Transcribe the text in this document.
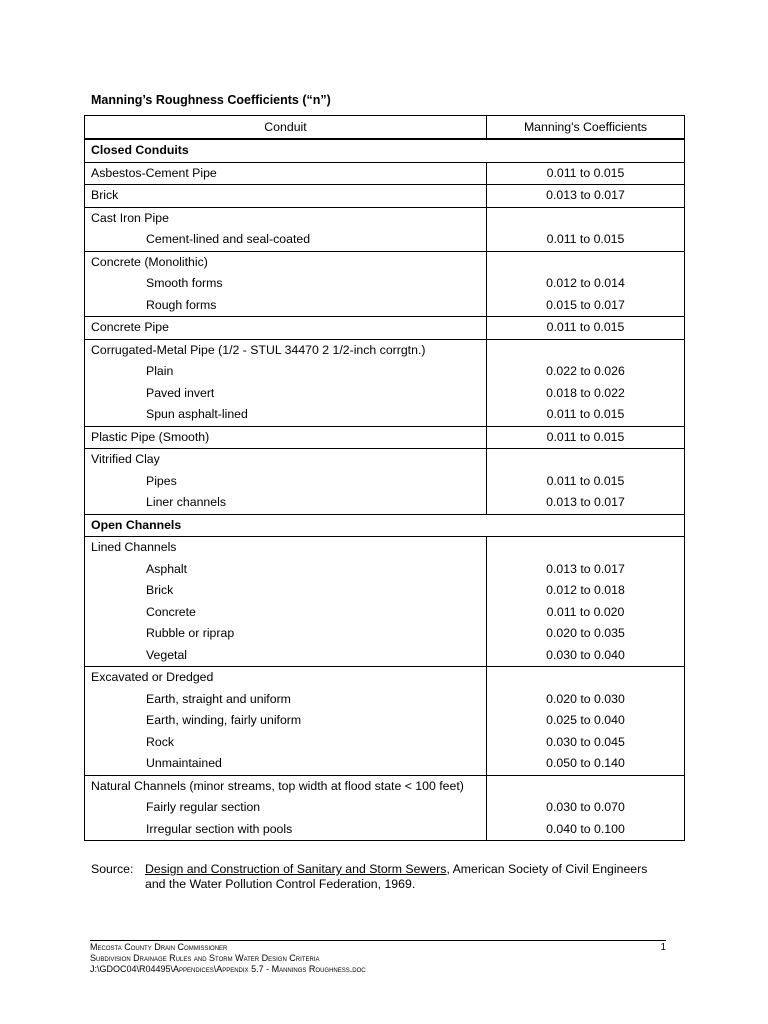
Manning’s Roughness Coefficients (“n”)
Conduit	Manning's Coefficients
Closed Conduits	
Asbestos-Cement Pipe	0.011 to 0.015
Brick	0.013 to 0.017
Cast Iron Pipe	
Cement-lined and seal-coated	0.011 to 0.015
Concrete (Monolithic)	
Smooth forms	0.012 to 0.014
Rough forms	0.015 to 0.017
Concrete Pipe	0.011 to 0.015
Corrugated-Metal Pipe (1/2 - STUL 34470 2 1/2-inch corrgtn.)	
Plain	0.022 to 0.026
Paved invert	0.018 to 0.022
Spun asphalt-lined	0.011 to 0.015
Plastic Pipe (Smooth)	0.011 to 0.015
Vitrified Clay	
Pipes	0.011 to 0.015
Liner channels	0.013 to 0.017
Open Channels	
Lined Channels	
Asphalt	0.013 to 0.017
Brick	0.012 to 0.018
Concrete	0.011 to 0.020
Rubble or riprap	0.020 to 0.035
Vegetal	0.030 to 0.040
Excavated or Dredged	
Earth, straight and uniform	0.020 to 0.030
Earth, winding, fairly uniform	0.025 to 0.040
Rock	0.030 to 0.045
Unmaintained	0.050 to 0.140
Natural Channels (minor streams, top width at flood state < 100 feet)	
Fairly regular section	0.030 to 0.070
Irregular section with pools	0.040 to 0.100
Source: Design and Construction of Sanitary and Storm Sewers, American Society of Civil Engineers
and the Water Pollution Control Federation, 1969.
Mecosta County Drain Commissioner
Subdivision Drainage Rules and Storm Water Design Criteria
J:\GDOC04\R04495\Appendices\Appendix 5.7 - Mannings Roughness.doc
1
